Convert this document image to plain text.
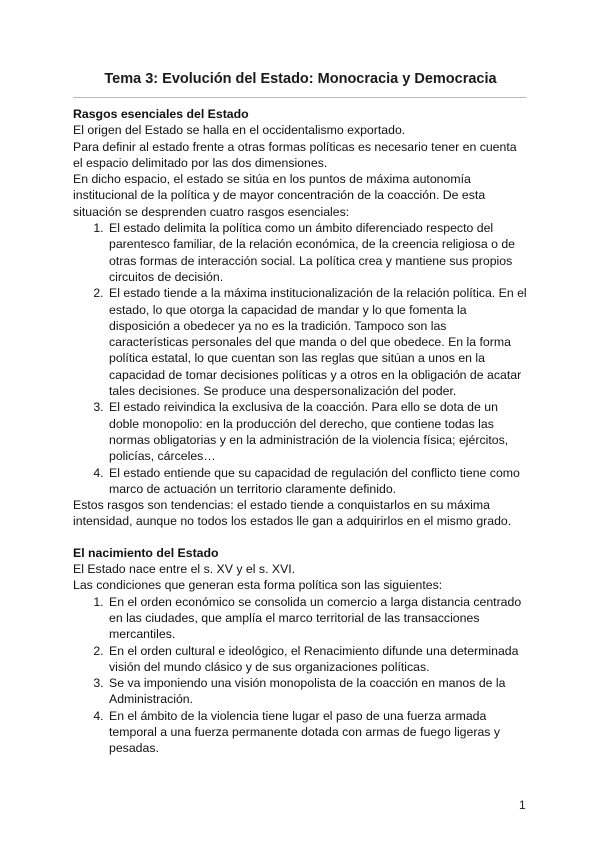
Tema 3: Evolución del Estado: Monocracia y Democracia

Rasgos esenciales del Estado

El origen del Estado se halla en el occidentalismo exportado.

Para definir al estado frente a otras formas políticas es necesario tener en cuenta el espacio delimitado por las dos dimensiones.

En dicho espacio, el estado se sitúa en los puntos de máxima autonomía institucional de la política y de mayor concentración de la coacción. De esta situación se desprenden cuatro rasgos esenciales:

1. El estado delimita la política como un ámbito diferenciado respecto del parentesco familiar, de la relación económica, de la creencia religiosa o de otras formas de interacción social. La política crea y mantiene sus propios circuitos de decisión.
2. El estado tiende a la máxima institucionalización de la relación política. En el estado, lo que otorga la capacidad de mandar y lo que fomenta la disposición a obedecer ya no es la tradición. Tampoco son las características personales del que manda o del que obedece. En la forma política estatal, lo que cuentan son las reglas que sitúan a unos en la capacidad de tomar decisiones políticas y a otros en la obligación de acatar tales decisiones. Se produce una despersonalización del poder.
3. El estado reivindica la exclusiva de la coacción. Para ello se dota de un doble monopolio: en la producción del derecho, que contiene todas las normas obligatorias y en la administración de la violencia física; ejércitos, policías, cárceles…
4. El estado entiende que su capacidad de regulación del conflicto tiene como marco de actuación un territorio claramente definido.

Estos rasgos son tendencias: el estado tiende a conquistarlos en su máxima intensidad, aunque no todos los estados lle gan a adquirirlos en el mismo grado.

El nacimiento del Estado

El Estado nace entre el s. XV y el s. XVI.

Las condiciones que generan esta forma política son las siguientes:

1. En el orden económico se consolida un comercio a larga distancia centrado en las ciudades, que amplía el marco territorial de las transacciones mercantiles.
2. En el orden cultural e ideológico, el Renacimiento difunde una determinada visión del mundo clásico y de sus organizaciones políticas.
3. Se va imponiendo una visión monopolista de la coacción en manos de la Administración.
4. En el ámbito de la violencia tiene lugar el paso de una fuerza armada temporal a una fuerza permanente dotada con armas de fuego ligeras y pesadas.
1
